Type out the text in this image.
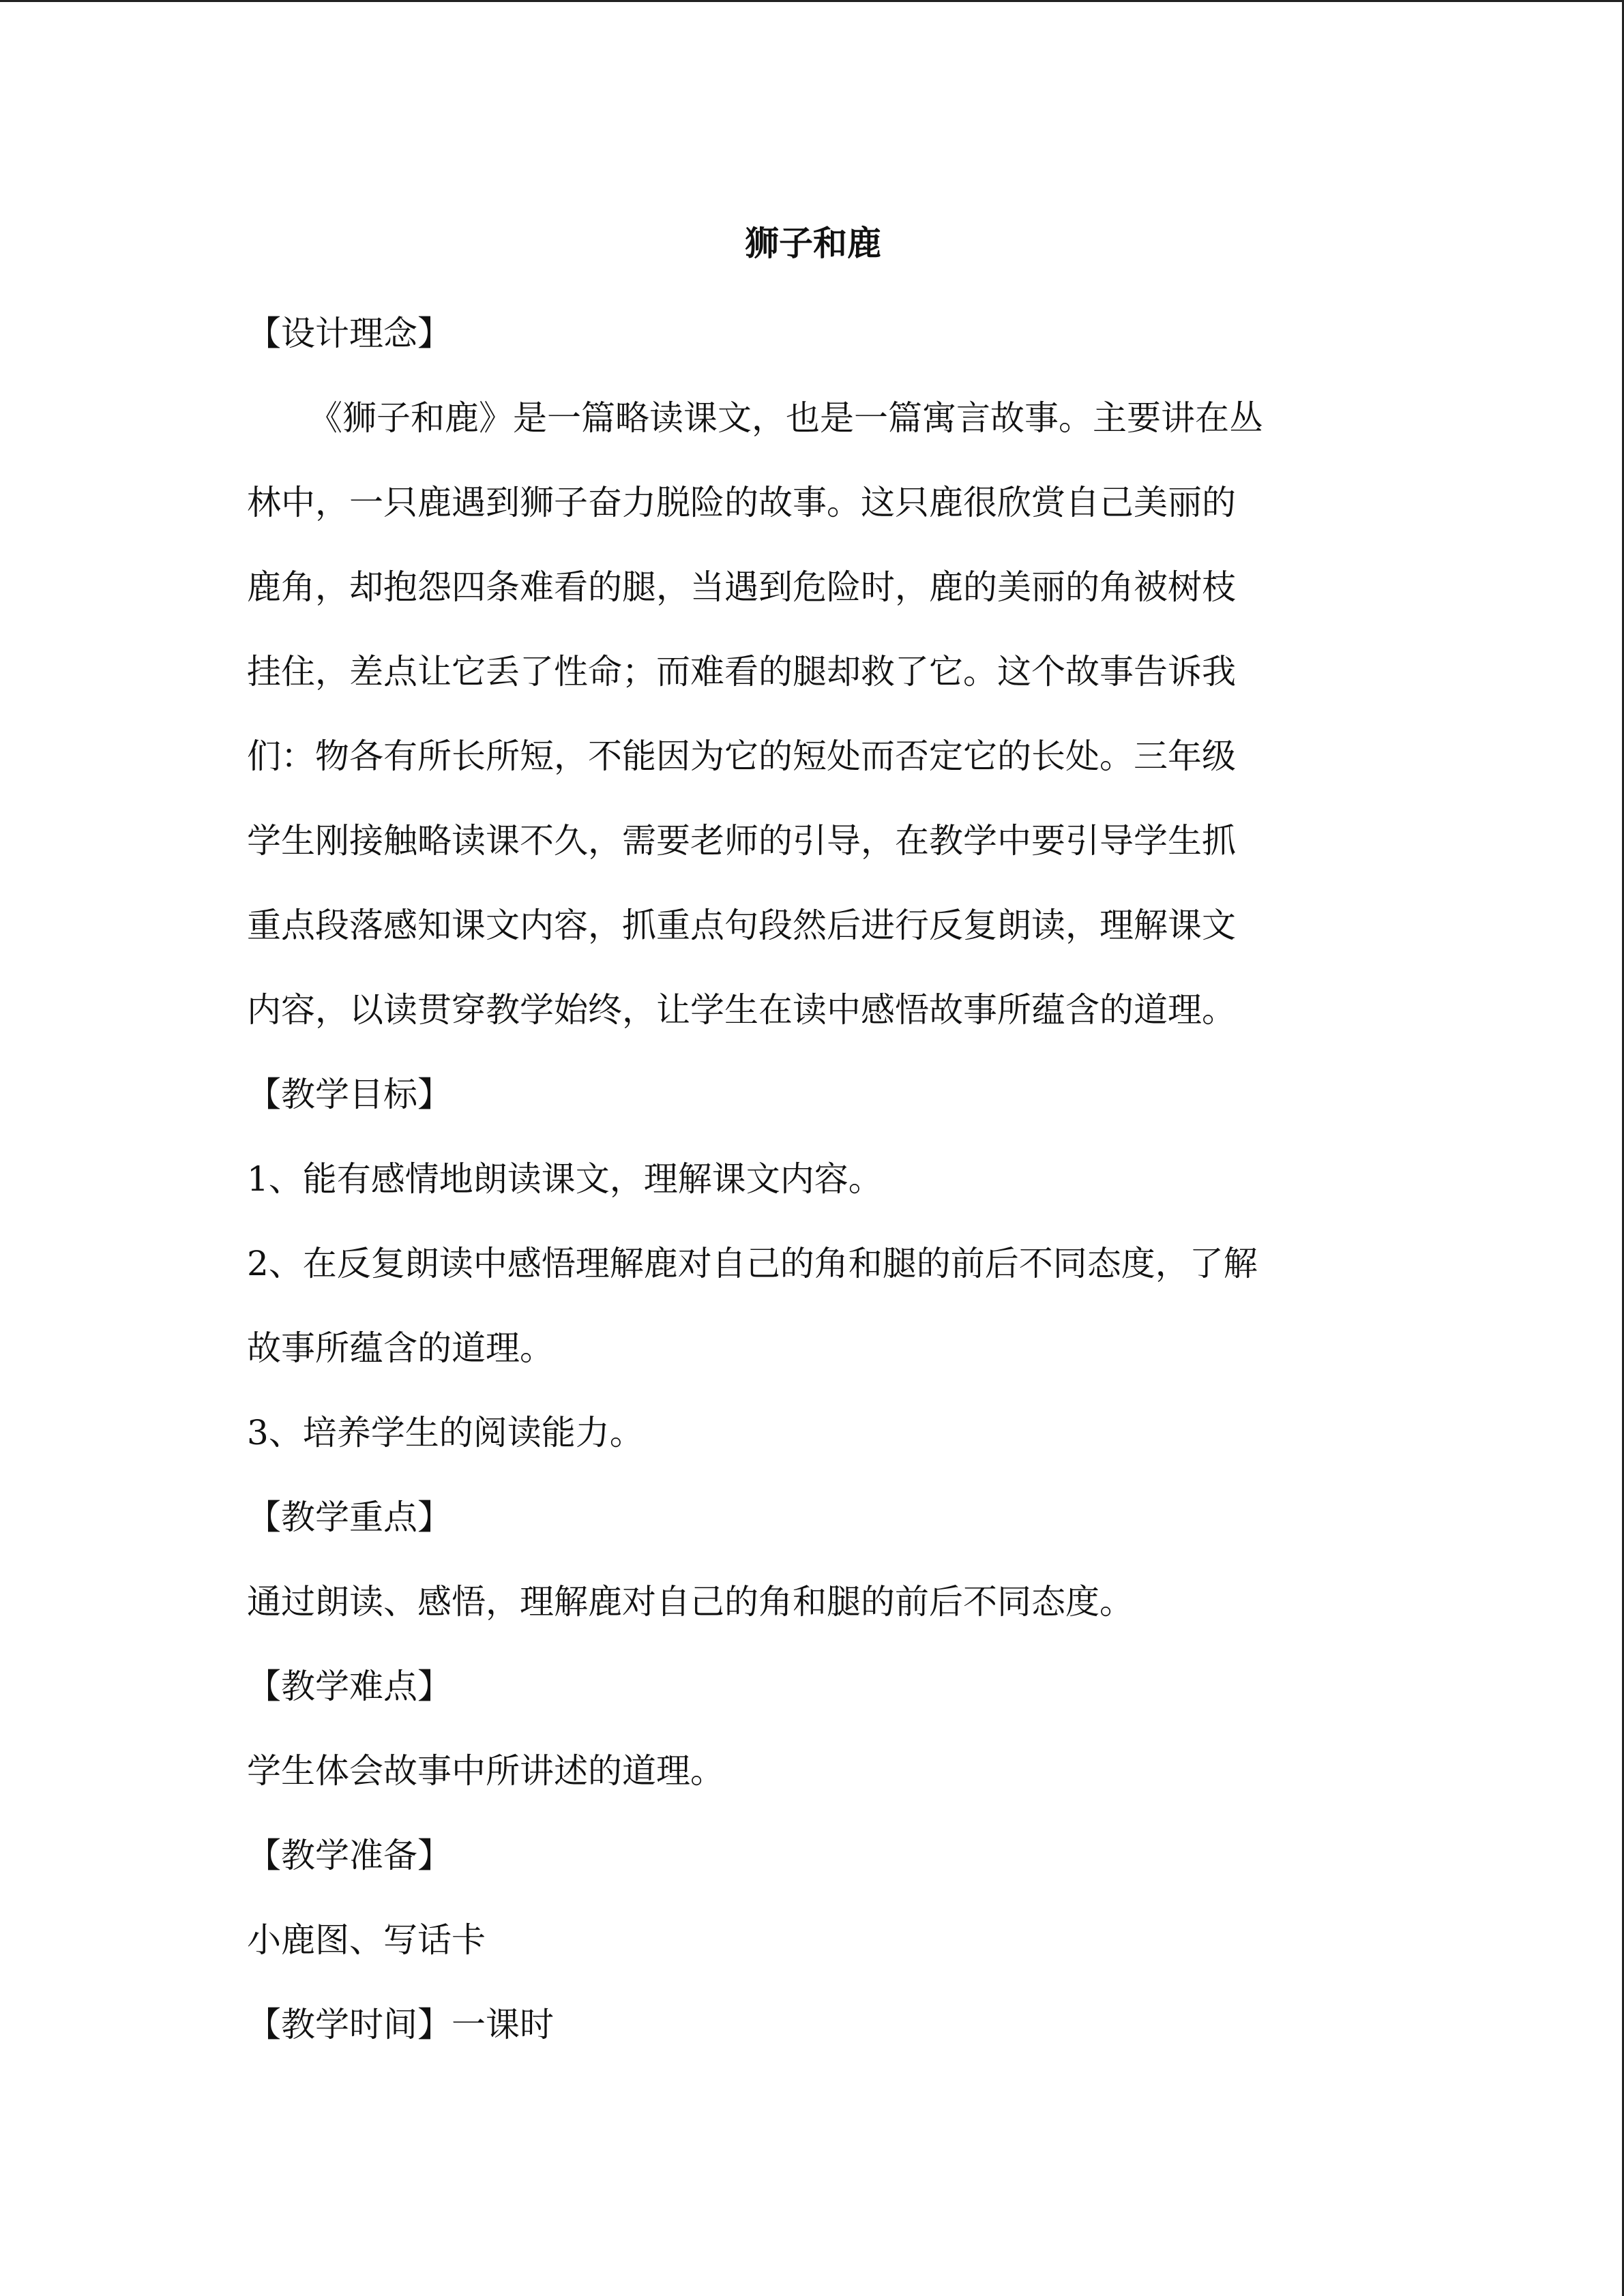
狮子和鹿

【设计理念】

《狮子和鹿》是一篇略读课文，也是一篇寓言故事。主要讲在丛

林中，一只鹿遇到狮子奋力脱险的故事。这只鹿很欣赏自己美丽的

鹿角，却抱怨四条难看的腿，当遇到危险时，鹿的美丽的角被树枝

挂住，差点让它丢了性命；而难看的腿却救了它。这个故事告诉我

们：物各有所长所短，不能因为它的短处而否定它的长处。三年级

学生刚接触略读课不久，需要老师的引导，在教学中要引导学生抓

重点段落感知课文内容，抓重点句段然后进行反复朗读，理解课文

内容，以读贯穿教学始终，让学生在读中感悟故事所蕴含的道理。

【教学目标】

1、能有感情地朗读课文，理解课文内容。

2、在反复朗读中感悟理解鹿对自己的角和腿的前后不同态度，了解

故事所蕴含的道理。

3、培养学生的阅读能力。

【教学重点】

通过朗读、感悟，理解鹿对自己的角和腿的前后不同态度。

【教学难点】

学生体会故事中所讲述的道理。

【教学准备】

小鹿图、写话卡

【教学时间】一课时
